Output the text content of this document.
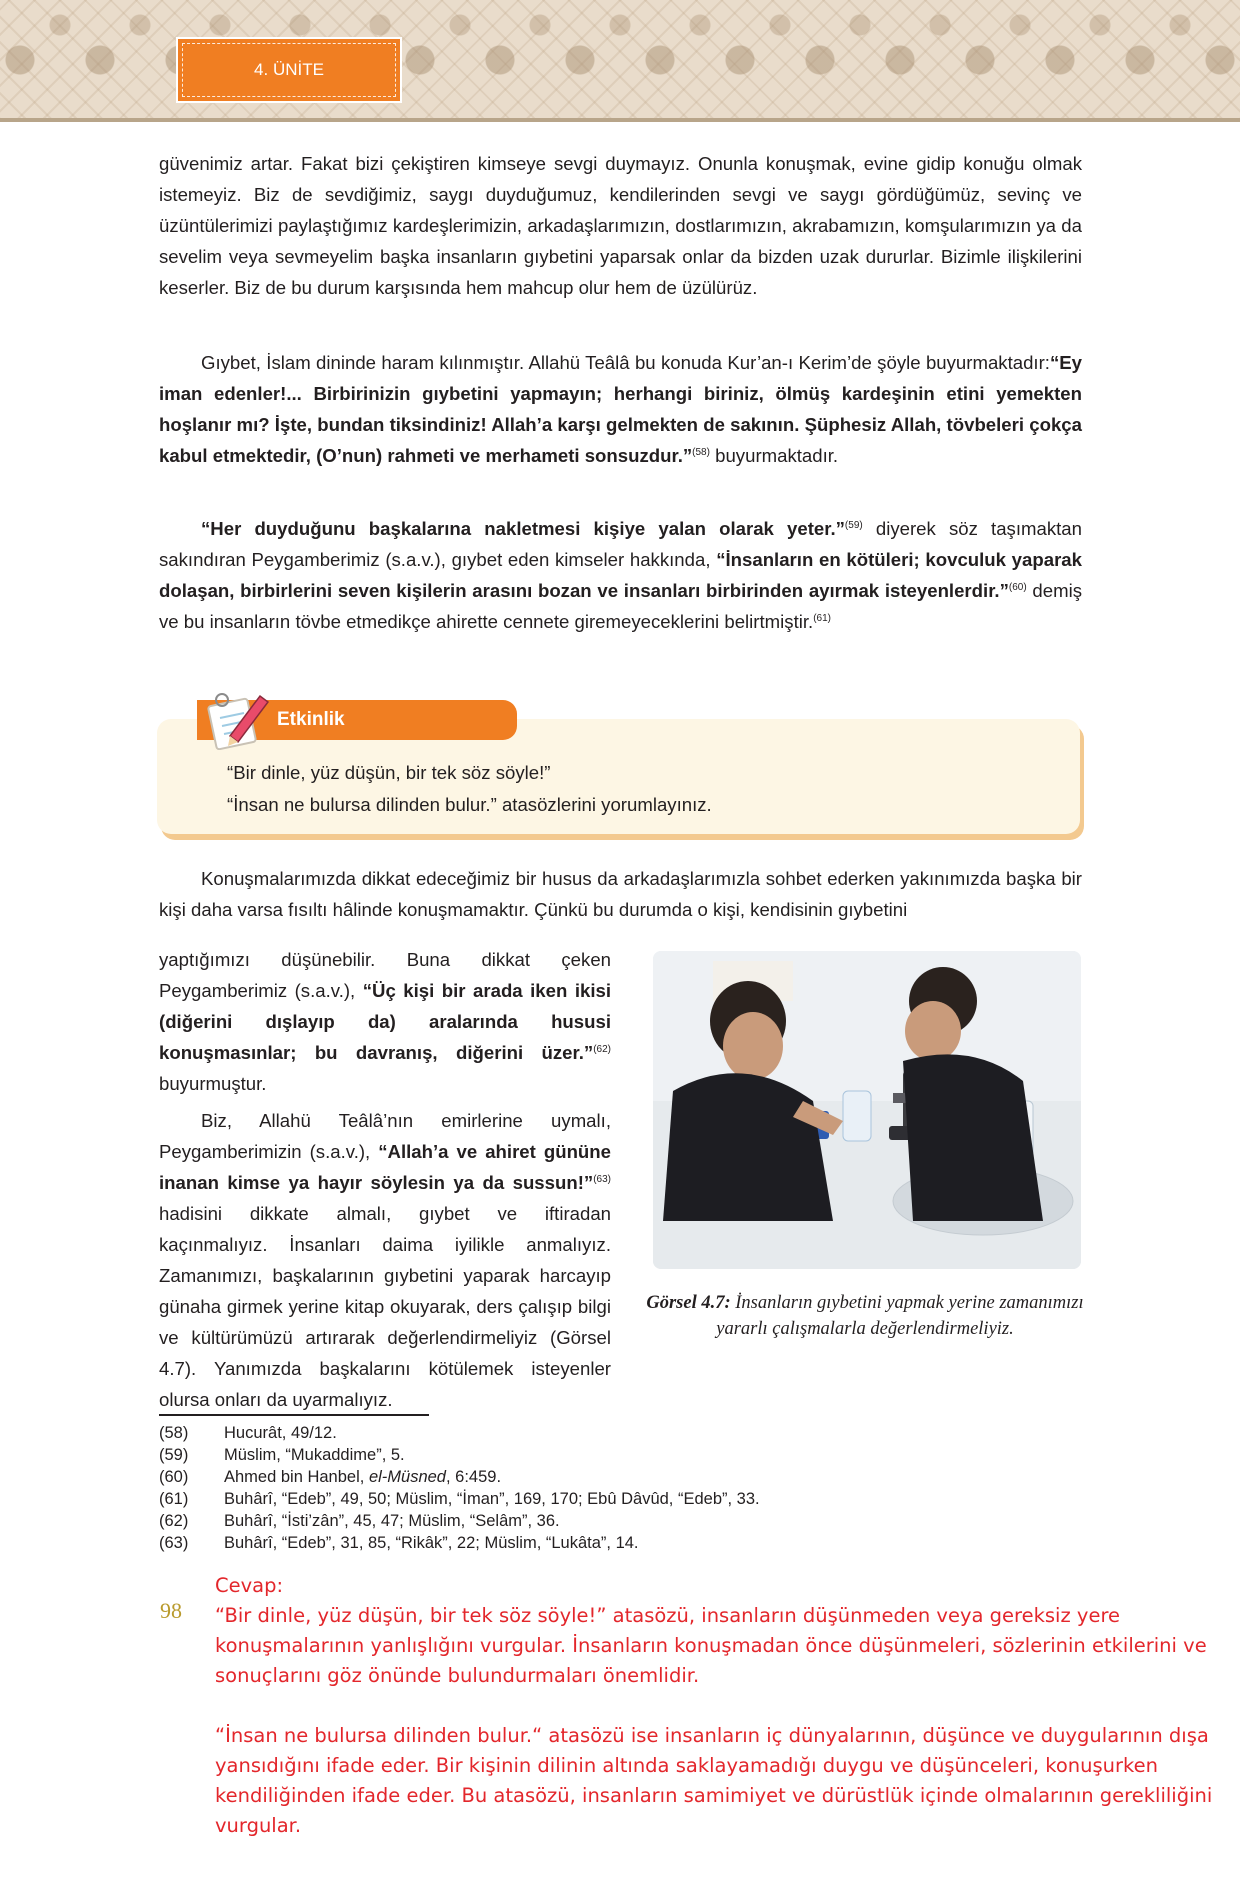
4. ÜNİTE

güvenimiz artar. Fakat bizi çekiştiren kimseye sevgi duymayız. Onunla konuşmak, evine gidip konuğu olmak istemeyiz. Biz de sevdiğimiz, saygı duyduğumuz, kendilerinden sevgi ve saygı gördüğümüz, sevinç ve üzüntülerimizi paylaştığımız kardeşlerimizin, arkadaşlarımızın, dostlarımızın, akrabamızın, komşularımızın ya da sevelim veya sevmeyelim başka insanların gıybetini yaparsak onlar da bizden uzak dururlar. Bizimle ilişkilerini keserler. Biz de bu durum karşısında hem mahcup olur hem de üzülürüz.

Gıybet, İslam dininde haram kılınmıştır. Allahü Teâlâ bu konuda Kur’an-ı Kerim’de şöyle buyurmaktadır:“Ey iman edenler!... Birbirinizin gıybetini yapmayın; herhangi biriniz, ölmüş kardeşinin etini yemekten hoşlanır mı? İşte, bundan tiksindiniz! Allah’a karşı gelmekten de sakının. Şüphesiz Allah, tövbeleri çokça kabul etmektedir, (O’nun) rahmeti ve merhameti sonsuzdur.”$^{(58)}$ buyurmaktadır.

“Her duyduğunu başkalarına nakletmesi kişiye yalan olarak yeter.”$^{(59)}$ diyerek söz taşımaktan sakındıran Peygamberimiz (s.a.v.), gıybet eden kimseler hakkında, “İnsanların en kötüleri; kovculuk yaparak dolaşan, birbirlerini seven kişilerin arasını bozan ve insanları birbirinden ayırmak isteyenlerdir.”$^{(60)}$ demiş ve bu insanların tövbe etmedikçe ahirette cennete giremeyeceklerini belirtmiştir.$^{(61)}$

Etkinlik
“Bir dinle, yüz düşün, bir tek söz söyle!”
“İnsan ne bulursa dilinden bulur.” atasözlerini yorumlayınız.

Konuşmalarımızda dikkat edeceğimiz bir husus da arkadaşlarımızla sohbet ederken yakınımızda başka bir kişi daha varsa fısıltı hâlinde konuşmamaktır. Çünkü bu durumda o kişi, kendisinin gıybetini

yaptığımızı düşünebilir. Buna dikkat çeken Peygamberimiz (s.a.v.), “Üç kişi bir arada iken ikisi (diğerini dışlayıp da) aralarında hususi konuşmasınlar; bu davranış, diğerini üzer.”$^{(62)}$ buyurmuştur.

Biz, Allahü Teâlâ’nın emirlerine uymalı, Peygamberimizin (s.a.v.), “Allah’a ve ahiret gününe inanan kimse ya hayır söylesin ya da sussun!”$^{(63)}$ hadisini dikkate almalı, gıybet ve iftiradan kaçınmalıyız. İnsanları daima iyilikle anmalıyız. Zamanımızı, başkalarının gıybetini yaparak harcayıp günaha girmek yerine kitap okuyarak, ders çalışıp bilgi ve kültürümüzü artırarak değerlendirmeliyiz (Görsel 4.7). Yanımızda başkalarını kötülemek isteyenler olursa onları da uyarmalıyız.

Görsel 4.7: İnsanların gıybetini yapmak yerine zamanımızı yararlı çalışmalarla değerlendirmeliyiz.
(58)	Hucurât, 49/12.
(59)	Müslim, “Mukaddime”, 5.
(60)	Ahmed bin Hanbel, el-Müsned, 6:459.
(61)	Buhârî, “Edeb”, 49, 50; Müslim, “İman”, 169, 170; Ebû Dâvûd, “Edeb”, 33.
(62)	Buhârî, “İsti’zân”, 45, 47; Müslim, “Selâm”, 36.
(63)	Buhârî, “Edeb”, 31, 85, “Rikâk”, 22; Müslim, “Lukâta”, 14.
98

Cevap:

“Bir dinle, yüz düşün, bir tek söz söyle!” atasözü, insanların düşünmeden veya gereksiz yere konuşmalarının yanlışlığını vurgular. İnsanların konuşmadan önce düşünmeleri, sözlerinin etkilerini ve sonuçlarını göz önünde bulundurmaları önemlidir.

“İnsan ne bulursa dilinden bulur.“ atasözü ise insanların iç dünyalarının, düşünce ve duygularının dışa yansıdığını ifade eder. Bir kişinin dilinin altında saklayamadığı duygu ve düşünceleri, konuşurken kendiliğinden ifade eder. Bu atasözü, insanların samimiyet ve dürüstlük içinde olmalarının gerekliliğini vurgular.
